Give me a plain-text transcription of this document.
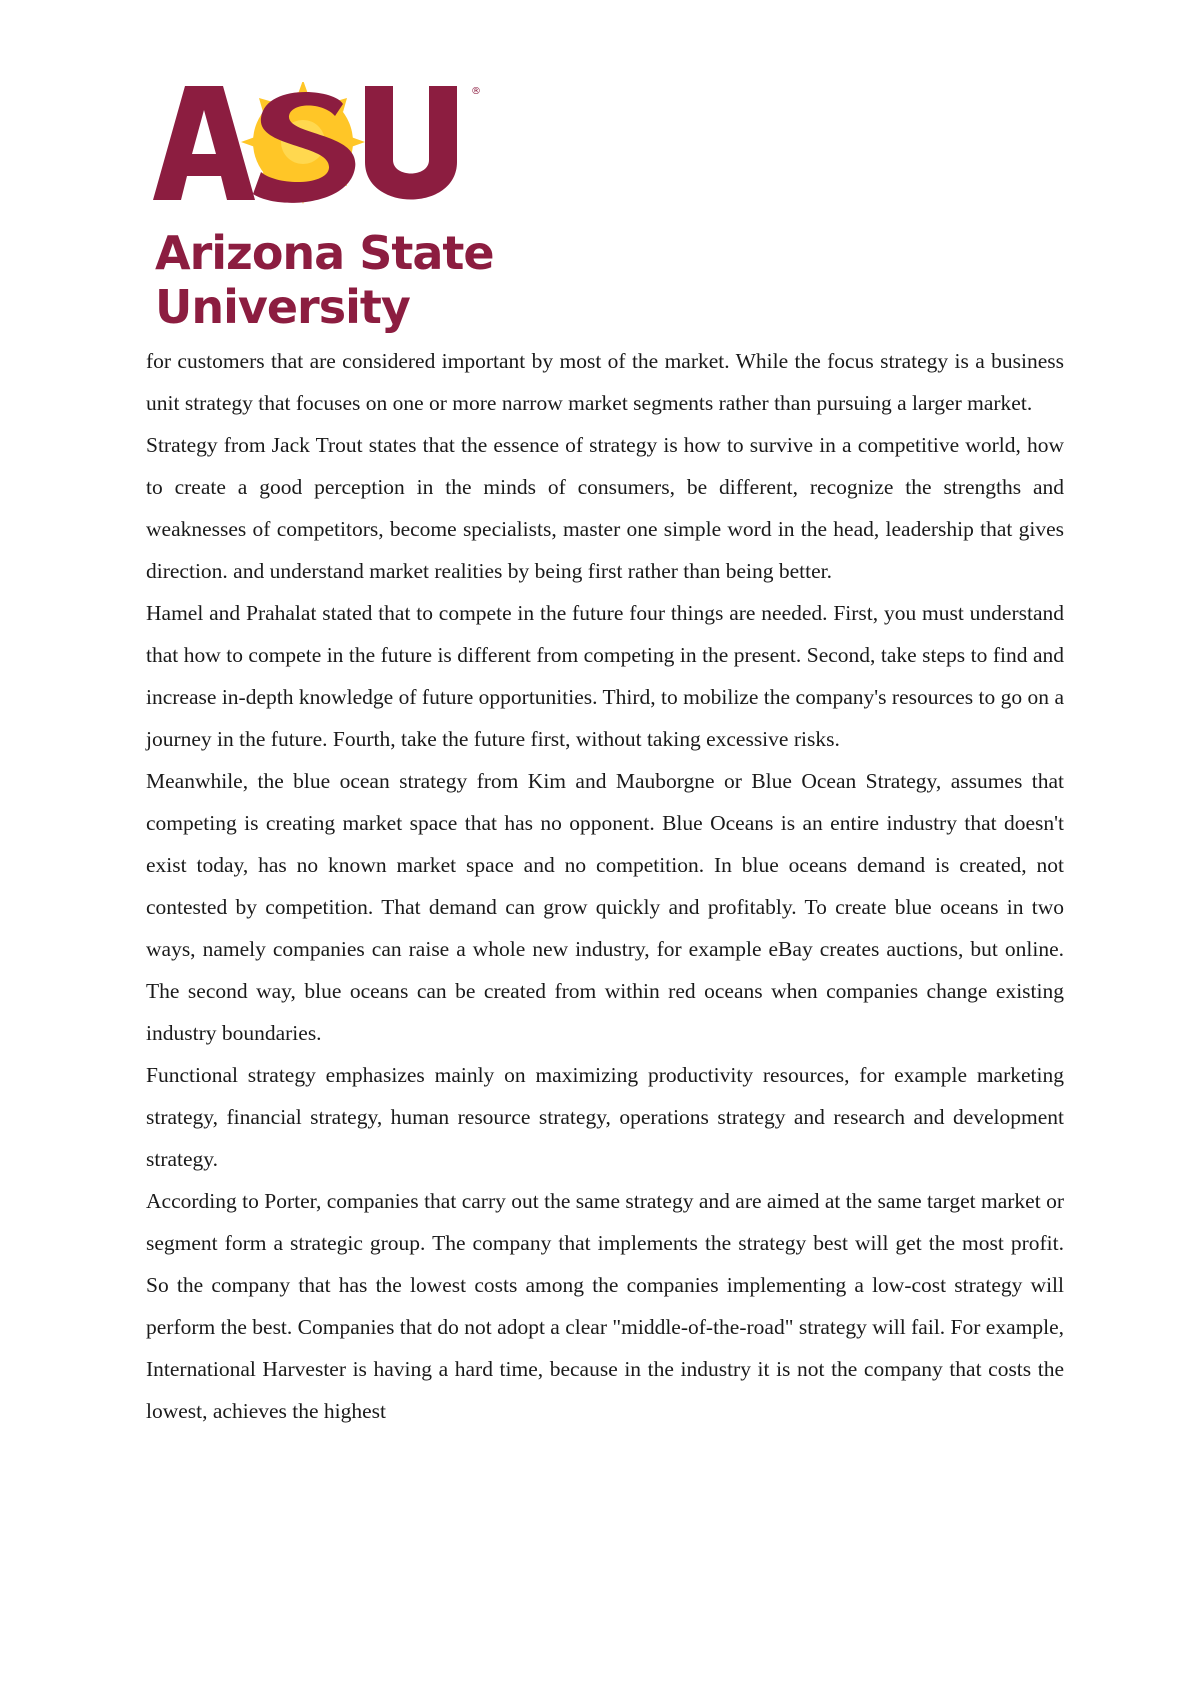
®
Arizona State
University

for customers that are considered important by most of the market. While the focus strategy is a business unit strategy that focuses on one or more narrow market segments rather than pursuing a larger market.

Strategy from Jack Trout states that the essence of strategy is how to survive in a competitive world, how to create a good perception in the minds of consumers, be different, recognize the strengths and weaknesses of competitors, become specialists, master one simple word in the head, leadership that gives direction. and understand market realities by being first rather than being better.

Hamel and Prahalat stated that to compete in the future four things are needed. First, you must understand that how to compete in the future is different from competing in the present. Second, take steps to find and increase in-depth knowledge of future opportunities. Third, to mobilize the company's resources to go on a journey in the future. Fourth, take the future first, without taking excessive risks.

Meanwhile, the blue ocean strategy from Kim and Mauborgne or Blue Ocean Strategy, assumes that competing is creating market space that has no opponent. Blue Oceans is an entire industry that doesn't exist today, has no known market space and no competition. In blue oceans demand is created, not contested by competition. That demand can grow quickly and profitably. To create blue oceans in two ways, namely companies can raise a whole new industry, for example eBay creates auctions, but online. The second way, blue oceans can be created from within red oceans when companies change existing industry boundaries.

Functional strategy emphasizes mainly on maximizing productivity resources, for example marketing strategy, financial strategy, human resource strategy, operations strategy and research and development strategy.

According to Porter, companies that carry out the same strategy and are aimed at the same target market or segment form a strategic group. The company that implements the strategy best will get the most profit. So the company that has the lowest costs among the companies implementing a low-cost strategy will perform the best. Companies that do not adopt a clear "middle-of-the-road" strategy will fail. For example, International Harvester is having a hard time, because in the industry it is not the company that costs the lowest, achieves the highest
